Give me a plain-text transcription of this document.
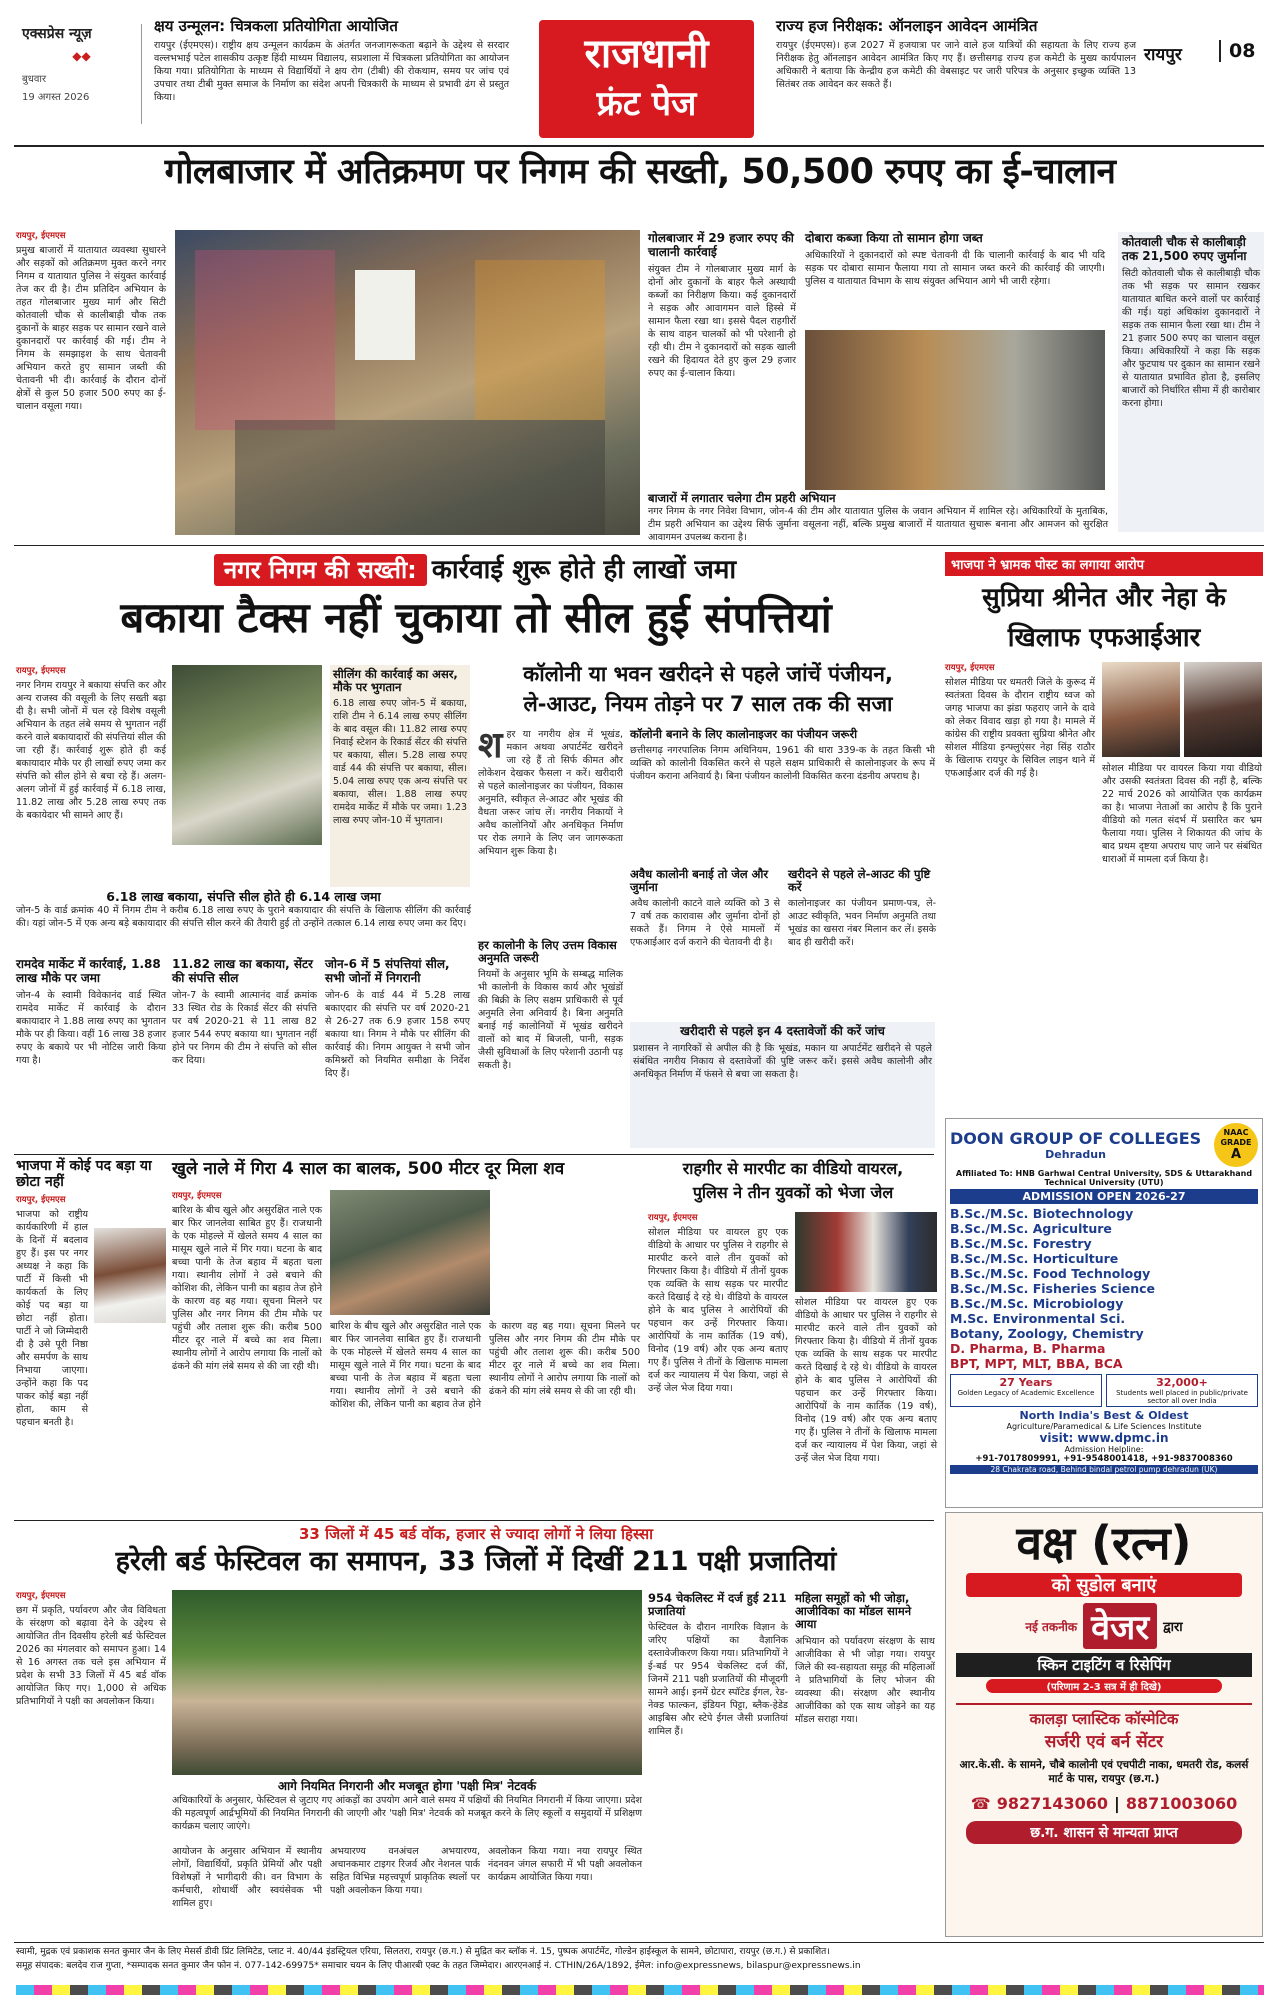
एक्सप्रेस न्यूज़
◆◆
बुधवार
19 अगस्त 2026
क्षय उन्मूलन: चित्रकला प्रतियोगिता आयोजित
रायपुर (ईएमएस)। राष्ट्रीय क्षय उन्मूलन कार्यक्रम के अंतर्गत जनजागरूकता बढ़ाने के उद्देश्य से सरदार वल्लभभाई पटेल शासकीय उत्कृष्ट हिंदी माध्यम विद्यालय, सप्रशाला में चित्रकला प्रतियोगिता का आयोजन किया गया। प्रतियोगिता के माध्यम से विद्यार्थियों ने क्षय रोग (टीबी) की रोकथाम, समय पर जांच एवं उपचार तथा टीबी मुक्त समाज के निर्माण का संदेश अपनी चित्रकारी के माध्यम से प्रभावी ढंग से प्रस्तुत किया।
राजधानी
फ्रंट पेज
राज्य हज निरीक्षक: ऑनलाइन आवेदन आमंत्रित
रायपुर (ईएमएस)। हज 2027 में हजयात्रा पर जाने वाले हज यात्रियों की सहायता के लिए राज्य हज निरीक्षक हेतु ऑनलाइन आवेदन आमंत्रित किए गए हैं। छत्तीसगढ़ राज्य हज कमेटी के मुख्य कार्यपालन अधिकारी ने बताया कि केन्द्रीय हज कमेटी की वेबसाइट पर जारी परिपत्र के अनुसार इच्छुक व्यक्ति 13 सितंबर तक आवेदन कर सकते हैं।
रायपुर	08
गोलबाजार में अतिक्रमण पर निगम की सख्ती, 50,500 रुपए का ई-चालान
रायपुर, ईएमएस
प्रमुख बाजारों में यातायात व्यवस्था सुधारने और सड़कों को अतिक्रमण मुक्त करने नगर निगम व यातायात पुलिस ने संयुक्त कार्रवाई तेज कर दी है। टीम प्रतिदिन अभियान के तहत गोलबाजार मुख्य मार्ग और सिटी कोतवाली चौक से कालीबाड़ी चौक तक दुकानों के बाहर सड़क पर सामान रखने वाले दुकानदारों पर कार्रवाई की गई। टीम ने निगम के समझाइश के साथ चेतावनी अभियान करते हुए सामान जब्ती की चेतावनी भी दी। कार्रवाई के दौरान दोनों क्षेत्रों से कुल 50 हजार 500 रुपए का ई-चालान वसूला गया।
गोलबाजार में 29 हजार रुपए की चालानी कार्रवाई
संयुक्त टीम ने गोलबाजार मुख्य मार्ग के दोनों ओर दुकानों के बाहर फैले अस्थायी कब्जों का निरीक्षण किया। कई दुकानदारों ने सड़क और आवागमन वाले हिस्से में सामान फैला रखा था। इससे पैदल राहगीरों के साथ वाहन चालकों को भी परेशानी हो रही थी। टीम ने दुकानदारों को सड़क खाली रखने की हिदायत देते हुए कुल 29 हजार रुपए का ई-चालान किया।
दोबारा कब्जा किया तो सामान होगा जब्त
अधिकारियों ने दुकानदारों को स्पष्ट चेतावनी दी कि चालानी कार्रवाई के बाद भी यदि सड़क पर दोबारा सामान फैलाया गया तो सामान जब्त करने की कार्रवाई की जाएगी। पुलिस व यातायात विभाग के साथ संयुक्त अभियान आगे भी जारी रहेगा।
कोतवाली चौक से कालीबाड़ी तक 21,500 रुपए जुर्माना
सिटी कोतवाली चौक से कालीबाड़ी चौक तक भी सड़क पर सामान रखकर यातायात बाधित करने वालों पर कार्रवाई की गई। यहां अधिकांश दुकानदारों ने सड़क तक सामान फैला रखा था। टीम ने 21 हजार 500 रुपए का चालान वसूल किया। अधिकारियों ने कहा कि सड़क और फुटपाथ पर दुकान का सामान रखने से यातायात प्रभावित होता है, इसलिए बाजारों को निर्धारित सीमा में ही कारोबार करना होगा।
बाजारों में लगातार चलेगा टीम प्रहरी अभियान
नगर निगम के नगर निवेश विभाग, जोन-4 की टीम और यातायात पुलिस के जवान अभियान में शामिल रहे। अधिकारियों के मुताबिक, टीम प्रहरी अभियान का उद्देश्य सिर्फ जुर्माना वसूलना नहीं, बल्कि प्रमुख बाजारों में यातायात सुचारू बनाना और आमजन को सुरक्षित आवागमन उपलब्ध कराना है।
नगर निगम की सख्ती: कार्रवाई शुरू होते ही लाखों जमा
बकाया टैक्स नहीं चुकाया तो सील हुई संपत्तियां
रायपुर, ईएमएस
नगर निगम रायपुर ने बकाया संपत्ति कर और अन्य राजस्व की वसूली के लिए सख्ती बढ़ा दी है। सभी जोनों में चल रहे विशेष वसूली अभियान के तहत लंबे समय से भुगतान नहीं करने वाले बकायादारों की संपत्तियां सील की जा रही हैं। कार्रवाई शुरू होते ही कई बकायादार मौके पर ही लाखों रुपए जमा कर संपत्ति को सील होने से बचा रहे हैं। अलग-अलग जोनों में हुई कार्रवाई में 6.18 लाख, 11.82 लाख और 5.28 लाख रुपए तक के बकायेदार भी सामने आए हैं।
सीलिंग की कार्रवाई का असर, मौके पर भुगतान
6.18 लाख रुपए जोन-5 में बकाया, राशि टीम ने 6.14 लाख रुपए सीलिंग के बाद वसूल की। 11.82 लाख रुपए निवाई स्टेशन के रिकार्ड सेंटर की संपत्ति पर बकाया, सील। 5.28 लाख रुपए वार्ड 44 की संपत्ति पर बकाया, सील। 5.04 लाख रुपए एक अन्य संपत्ति पर बकाया, सील। 1.88 लाख रुपए रामदेव मार्केट में मौके पर जमा। 1.23 लाख रुपए जोन-10 में भुगतान।
6.18 लाख बकाया, संपत्ति सील होते ही 6.14 लाख जमा
जोन-5 के वार्ड क्रमांक 40 में निगम टीम ने करीब 6.18 लाख रुपए के पुराने बकायादार की संपत्ति के खिलाफ सीलिंग की कार्रवाई की। यहां जोन-5 में एक अन्य बड़े बकायादार की संपत्ति सील करने की तैयारी हुई तो उन्होंने तत्काल 6.14 लाख रुपए जमा कर दिए।
रामदेव मार्केट में कार्रवाई, 1.88 लाख मौके पर जमा
जोन-4 के स्वामी विवेकानंद वार्ड स्थित रामदेव मार्केट में कार्रवाई के दौरान बकायादार ने 1.88 लाख रुपए का भुगतान मौके पर ही किया। वहीं 16 लाख 38 हजार रुपए के बकाये पर भी नोटिस जारी किया गया है।
11.82 लाख का बकाया, सेंटर की संपत्ति सील
जोन-7 के स्वामी आत्मानंद वार्ड क्रमांक 33 स्थित रोड के रिकार्ड सेंटर की संपत्ति पर वर्ष 2020-21 से 11 लाख 82 हजार 544 रुपए बकाया था। भुगतान नहीं होने पर निगम की टीम ने संपत्ति को सील कर दिया।
जोन-6 में 5 संपत्तियां सील, सभी जोनों में निगरानी
जोन-6 के वार्ड 44 में 5.28 लाख बकाएदार की संपत्ति पर वर्ष 2020-21 से 26-27 तक 6.9 हजार 158 रुपए बकाया था। निगम ने मौके पर सीलिंग की कार्रवाई की। निगम आयुक्त ने सभी जोन कमिश्नरों को नियमित समीक्षा के निर्देश दिए हैं।
कॉलोनी या भवन खरीदने से पहले जांचें पंजीयन,
ले-आउट, नियम तोड़ने पर 7 साल तक की सजा
श हर या नगरीय क्षेत्र में भूखंड, मकान अथवा अपार्टमेंट खरीदने जा रहे हैं तो सिर्फ कीमत और लोकेशन देखकर फैसला न करें। खरीदारी से पहले कालोनाइजर का पंजीयन, विकास अनुमति, स्वीकृत ले-आउट और भूखंड की वैधता जरूर जांच लें। नगरीय निकायों ने अवैध कालोनियों और अनधिकृत निर्माण पर रोक लगाने के लिए जन जागरूकता अभियान शुरू किया है।
हर कालोनी के लिए उत्तम विकास अनुमति जरूरी
नियमों के अनुसार भूमि के सम्बद्ध मालिक भी कालोनी के विकास कार्य और भूखंडों की बिक्री के लिए सक्षम प्राधिकारी से पूर्व अनुमति लेना अनिवार्य है। बिना अनुमति बनाई गई कालोनियों में भूखंड खरीदने वालों को बाद में बिजली, पानी, सड़क जैसी सुविधाओं के लिए परेशानी उठानी पड़ सकती है।
कॉलोनी बनाने के लिए कालोनाइजर का पंजीयन जरूरी
छत्तीसगढ़ नगरपालिक निगम अधिनियम, 1961 की धारा 339-क के तहत किसी भी व्यक्ति को कालोनी विकसित करने से पहले सक्षम प्राधिकारी से कालोनाइजर के रूप में पंजीयन कराना अनिवार्य है। बिना पंजीयन कालोनी विकसित करना दंडनीय अपराध है।
अवैध कालोनी बनाई तो जेल और जुर्माना
अवैध कालोनी काटने वाले व्यक्ति को 3 से 7 वर्ष तक कारावास और जुर्माना दोनों हो सकते हैं। निगम ने ऐसे मामलों में एफआईआर दर्ज कराने की चेतावनी दी है।
खरीदने से पहले ले-आउट की पुष्टि करें
कालोनाइजर का पंजीयन प्रमाण-पत्र, ले-आउट स्वीकृति, भवन निर्माण अनुमति तथा भूखंड का खसरा नंबर मिलान कर लें। इसके बाद ही खरीदी करें।
खरीदारी से पहले इन 4 दस्तावेजों की करें जांच
प्रशासन ने नागरिकों से अपील की है कि भूखंड, मकान या अपार्टमेंट खरीदने से पहले संबंधित नगरीय निकाय से दस्तावेजों की पुष्टि जरूर करें। इससे अवैध कालोनी और अनधिकृत निर्माण में फंसने से बचा जा सकता है।
भाजपा ने भ्रामक पोस्ट का लगाया आरोप
सुप्रिया श्रीनेत और नेहा के खिलाफ एफआईआर
रायपुर, ईएमएस
सोशल मीडिया पर धमतरी जिले के कुरूद में स्वतंत्रता दिवस के दौरान राष्ट्रीय ध्वज को जगह भाजपा का झंडा फहराए जाने के दावे को लेकर विवाद खड़ा हो गया है। मामले में कांग्रेस की राष्ट्रीय प्रवक्ता सुप्रिया श्रीनेत और सोशल मीडिया इन्फ्लुएंसर नेहा सिंह राठौर के खिलाफ रायपुर के सिविल लाइन थाने में एफआईआर दर्ज की गई है।	सोशल मीडिया पर वायरल किया गया वीडियो और उसकी स्वतंत्रता दिवस की नहीं है, बल्कि 22 मार्च 2026 को आयोजित एक कार्यक्रम का है। भाजपा नेताओं का आरोप है कि पुराने वीडियो को गलत संदर्भ में प्रसारित कर भ्रम फैलाया गया। पुलिस ने शिकायत की जांच के बाद प्रथम दृष्टया अपराध पाए जाने पर संबंधित धाराओं में मामला दर्ज किया है।
भाजपा में कोई पद बड़ा या छोटा नहीं
रायपुर, ईएमएस
भाजपा को राष्ट्रीय कार्यकारिणी में हाल के दिनों में बदलाव हुए हैं। इस पर नगर अध्यक्ष ने कहा कि पार्टी में किसी भी कार्यकर्ता के लिए कोई पद बड़ा या छोटा नहीं होता। पार्टी ने जो जिम्मेदारी दी है उसे पूरी निष्ठा और समर्पण के साथ निभाया जाएगा। उन्होंने कहा कि पद पाकर कोई बड़ा नहीं होता, काम से पहचान बनती है।
खुले नाले में गिरा 4 साल का बालक, 500 मीटर दूर मिला शव
रायपुर, ईएमएस
बारिश के बीच खुले और असुरक्षित नाले एक बार फिर जानलेवा साबित हुए हैं। राजधानी के एक मोहल्ले में खेलते समय 4 साल का मासूम खुले नाले में गिर गया। घटना के बाद बच्चा पानी के तेज बहाव में बहता चला गया। स्थानीय लोगों ने उसे बचाने की कोशिश की, लेकिन पानी का बहाव तेज होने के कारण वह बह गया। सूचना मिलने पर पुलिस और नगर निगम की टीम मौके पर पहुंची और तलाश शुरू की। करीब 500 मीटर दूर नाले में बच्चे का शव मिला। स्थानीय लोगों ने आरोप लगाया कि नालों को ढंकने की मांग लंबे समय से की जा रही थी।
बारिश के बीच खुले और असुरक्षित नाले एक बार फिर जानलेवा साबित हुए हैं। राजधानी के एक मोहल्ले में खेलते समय 4 साल का मासूम खुले नाले में गिर गया। घटना के बाद बच्चा पानी के तेज बहाव में बहता चला गया। स्थानीय लोगों ने उसे बचाने की कोशिश की, लेकिन पानी का बहाव तेज होने के कारण वह बह गया। सूचना मिलने पर पुलिस और नगर निगम की टीम मौके पर पहुंची और तलाश शुरू की। करीब 500 मीटर दूर नाले में बच्चे का शव मिला। स्थानीय लोगों ने आरोप लगाया कि नालों को ढंकने की मांग लंबे समय से की जा रही थी।
राहगीर से मारपीट का वीडियो वायरल,
पुलिस ने तीन युवकों को भेजा जेल
रायपुर, ईएमएस
सोशल मीडिया पर वायरल हुए एक वीडियो के आधार पर पुलिस ने राहगीर से मारपीट करने वाले तीन युवकों को गिरफ्तार किया है। वीडियो में तीनों युवक एक व्यक्ति के साथ सड़क पर मारपीट करते दिखाई दे रहे थे। वीडियो के वायरल होने के बाद पुलिस ने आरोपियों की पहचान कर उन्हें गिरफ्तार किया। आरोपियों के नाम कार्तिक (19 वर्ष), विनोद (19 वर्ष) और एक अन्य बताए गए हैं। पुलिस ने तीनों के खिलाफ मामला दर्ज कर न्यायालय में पेश किया, जहां से उन्हें जेल भेज दिया गया।
सोशल मीडिया पर वायरल हुए एक वीडियो के आधार पर पुलिस ने राहगीर से मारपीट करने वाले तीन युवकों को गिरफ्तार किया है। वीडियो में तीनों युवक एक व्यक्ति के साथ सड़क पर मारपीट करते दिखाई दे रहे थे। वीडियो के वायरल होने के बाद पुलिस ने आरोपियों की पहचान कर उन्हें गिरफ्तार किया। आरोपियों के नाम कार्तिक (19 वर्ष), विनोद (19 वर्ष) और एक अन्य बताए गए हैं। पुलिस ने तीनों के खिलाफ मामला दर्ज कर न्यायालय में पेश किया, जहां से उन्हें जेल भेज दिया गया।
DOON GROUP OF COLLEGES
Dehradun
NAAC
GRADE
A
Affiliated To: HNB Garhwal Central University, SDS & Uttarakhand Technical University (UTU)
ADMISSION OPEN 2026-27
B.Sc./M.Sc. Biotechnology
B.Sc./M.Sc. Agriculture
B.Sc./M.Sc. Forestry
B.Sc./M.Sc. Horticulture
B.Sc./M.Sc. Food Technology
B.Sc./M.Sc. Fisheries Science
B.Sc./M.Sc. Microbiology
M.Sc. Environmental Sci.
Botany, Zoology, Chemistry
D. Pharma, B. Pharma
BPT, MPT, MLT, BBA, BCA
27 Years
Golden Legacy of Academic Excellence
32,000+
Students well placed in public/private sector all over India
North India's Best & Oldest
Agriculture/Paramedical & Life Sciences Institute
visit: www.dpmc.in
Admission Helpline:
+91-7017809991, +91-9548001418, +91-9837008360
28 Chakrata road, Behind bindal petrol pump dehradun (UK)
33 जिलों में 45 बर्ड वॉक, हजार से ज्यादा लोगों ने लिया हिस्सा
हरेली बर्ड फेस्टिवल का समापन, 33 जिलों में दिखीं 211 पक्षी प्रजातियां
रायपुर, ईएमएस
छग में प्रकृति, पर्यावरण और जैव विविधता के संरक्षण को बढ़ावा देने के उद्देश्य से आयोजित तीन दिवसीय हरेली बर्ड फेस्टिवल 2026 का मंगलवार को समापन हुआ। 14 से 16 अगस्त तक चले इस अभियान में प्रदेश के सभी 33 जिलों में 45 बर्ड वॉक आयोजित किए गए। 1,000 से अधिक प्रतिभागियों ने पक्षी का अवलोकन किया।
आगे नियमित निगरानी और मजबूत होगा 'पक्षी मित्र' नेटवर्क
अधिकारियों के अनुसार, फेस्टिवल से जुटाए गए आंकड़ों का उपयोग आने वाले समय में पक्षियों की नियमित निगरानी में किया जाएगा। प्रदेश की महत्वपूर्ण आर्द्रभूमियों की नियमित निगरानी की जाएगी और 'पक्षी मित्र' नेटवर्क को मजबूत करने के लिए स्कूलों व समुदायों में प्रशिक्षण कार्यक्रम चलाए जाएंगे।
आयोजन के अनुसार अभियान में स्थानीय लोगों, विद्यार्थियों, प्रकृति प्रेमियों और पक्षी विशेषज्ञों ने भागीदारी की। वन विभाग के कर्मचारी, शोधार्थी और स्वयंसेवक भी शामिल हुए।
अभयारण्य वनअंचल अभयारण्य, अचानकमार टाइगर रिजर्व और नेशनल पार्क सहित विभिन्न महत्त्वपूर्ण प्राकृतिक स्थलों पर पक्षी अवलोकन किया गया।
अवलोकन किया गया। नया रायपुर स्थित नंदनवन जंगल सफारी में भी पक्षी अवलोकन कार्यक्रम आयोजित किया गया।
954 चेकलिस्ट में दर्ज हुई 211 प्रजातियां
फेस्टिवल के दौरान नागरिक विज्ञान के जरिए पक्षियों का वैज्ञानिक दस्तावेजीकरण किया गया। प्रतिभागियों ने ई-बर्ड पर 954 चेकलिस्ट दर्ज कीं, जिनमें 211 पक्षी प्रजातियों की मौजूदगी सामने आई। इनमें ग्रेटर स्पॉटेड ईगल, रेड-नेक्ड फाल्कन, इंडियन पिट्टा, ब्लैक-हेडेड आइबिस और स्टेपे ईगल जैसी प्रजातियां शामिल हैं।
महिला समूहों को भी जोड़ा, आजीविका का मॉडल सामने आया
अभियान को पर्यावरण संरक्षण के साथ आजीविका से भी जोड़ा गया। रायपुर जिले की स्व-सहायता समूह की महिलाओं ने प्रतिभागियों के लिए भोजन की व्यवस्था की। संरक्षण और स्थानीय आजीविका को एक साथ जोड़ने का यह मॉडल सराहा गया।
वक्ष (रत्न)
को सुडोल बनाएं
नई तकनीक वेजर	द्वारा
स्किन टाइटिंग व रिसेपिंग
(परिणाम 2-3 सत्र में ही दिखे)
कालड़ा प्लास्टिक कॉस्मेटिक
सर्जरी एवं बर्न सेंटर
आर.के.सी. के सामने, चौबे कालोनी एवं एचपीटी नाका, धमतरी रोड, कलर्स मार्ट के पास, रायपुर (छ.ग.)
☎ 9827143060 | 8871003060
छ.ग. शासन से मान्यता प्राप्त
स्वामी, मुद्रक एवं प्रकाशक सनत कुमार जैन के लिए मेसर्स डीवी प्रिंट लिमिटेड, प्लाट नं. 40/44 इंडस्ट्रियल एरिया, सिलतरा, रायपुर (छ.ग.) से मुद्रित कर ब्लॉक नं. 15, पुष्पक अपार्टमेंट, गोल्डेन हाईस्कूल के सामने, छोटापारा, रायपुर (छ.ग.) से प्रकाशित।
समूह संपादक: बलदेव राज गुप्ता, *सम्पादक सनत कुमार जैन फोन नं. 077-142-69975* समाचार चयन के लिए पीआरबी एक्ट के तहत जिम्मेदार। आरएनआई नं. CTHIN/26A/1892, ईमेल: info@expressnews, bilaspur@expressnews.in
